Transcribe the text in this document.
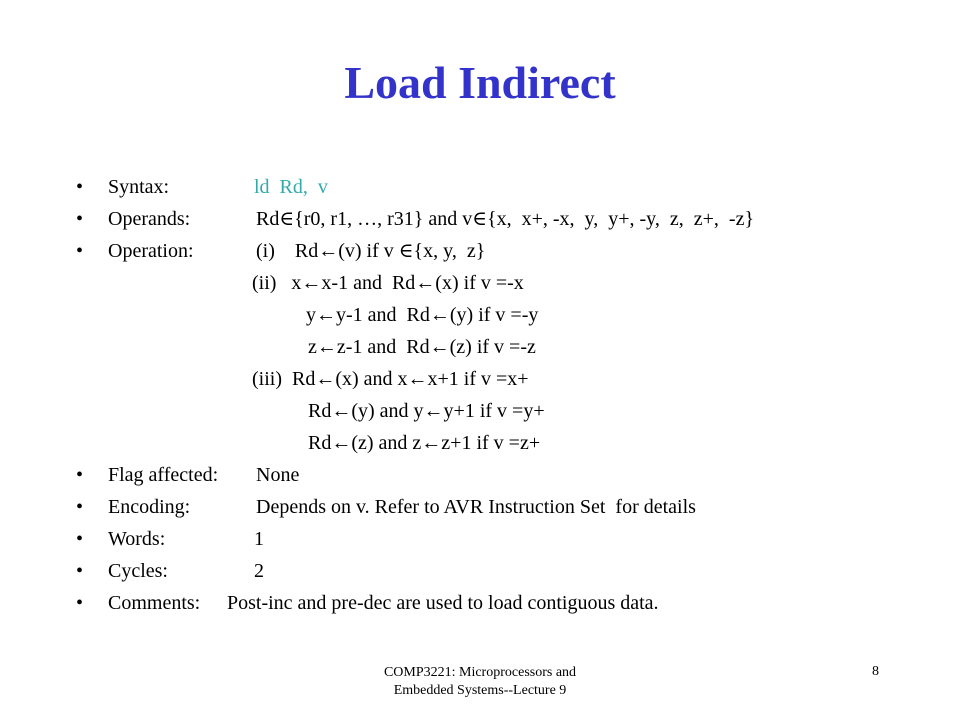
Load Indirect
• Syntax:	ld  Rd,  v
• Operands:	Rd∈{r0, r1, …, r31} and v∈{x,  x+, -x,  y,  y+, -y,  z,  z+,  -z}
• Operation:	(i)    Rd←(v) if v ∈{x, y,  z}
(ii)   x←x-1 and  Rd←(x) if v =-x
y←y-1 and  Rd←(y) if v =-y
z←z-1 and  Rd←(z) if v =-z
(iii)  Rd←(x) and x←x+1 if v =x+
Rd←(y) and y←y+1 if v =y+
Rd←(z) and z←z+1 if v =z+
• Flag affected: None
• Encoding:	Depends on v. Refer to AVR Instruction Set  for details
• Words:	1
• Cycles:	2
• Comments: Post-inc and pre-dec are used to load contiguous data.
COMP3221: Microprocessors and
Embedded Systems--Lecture 9
8
